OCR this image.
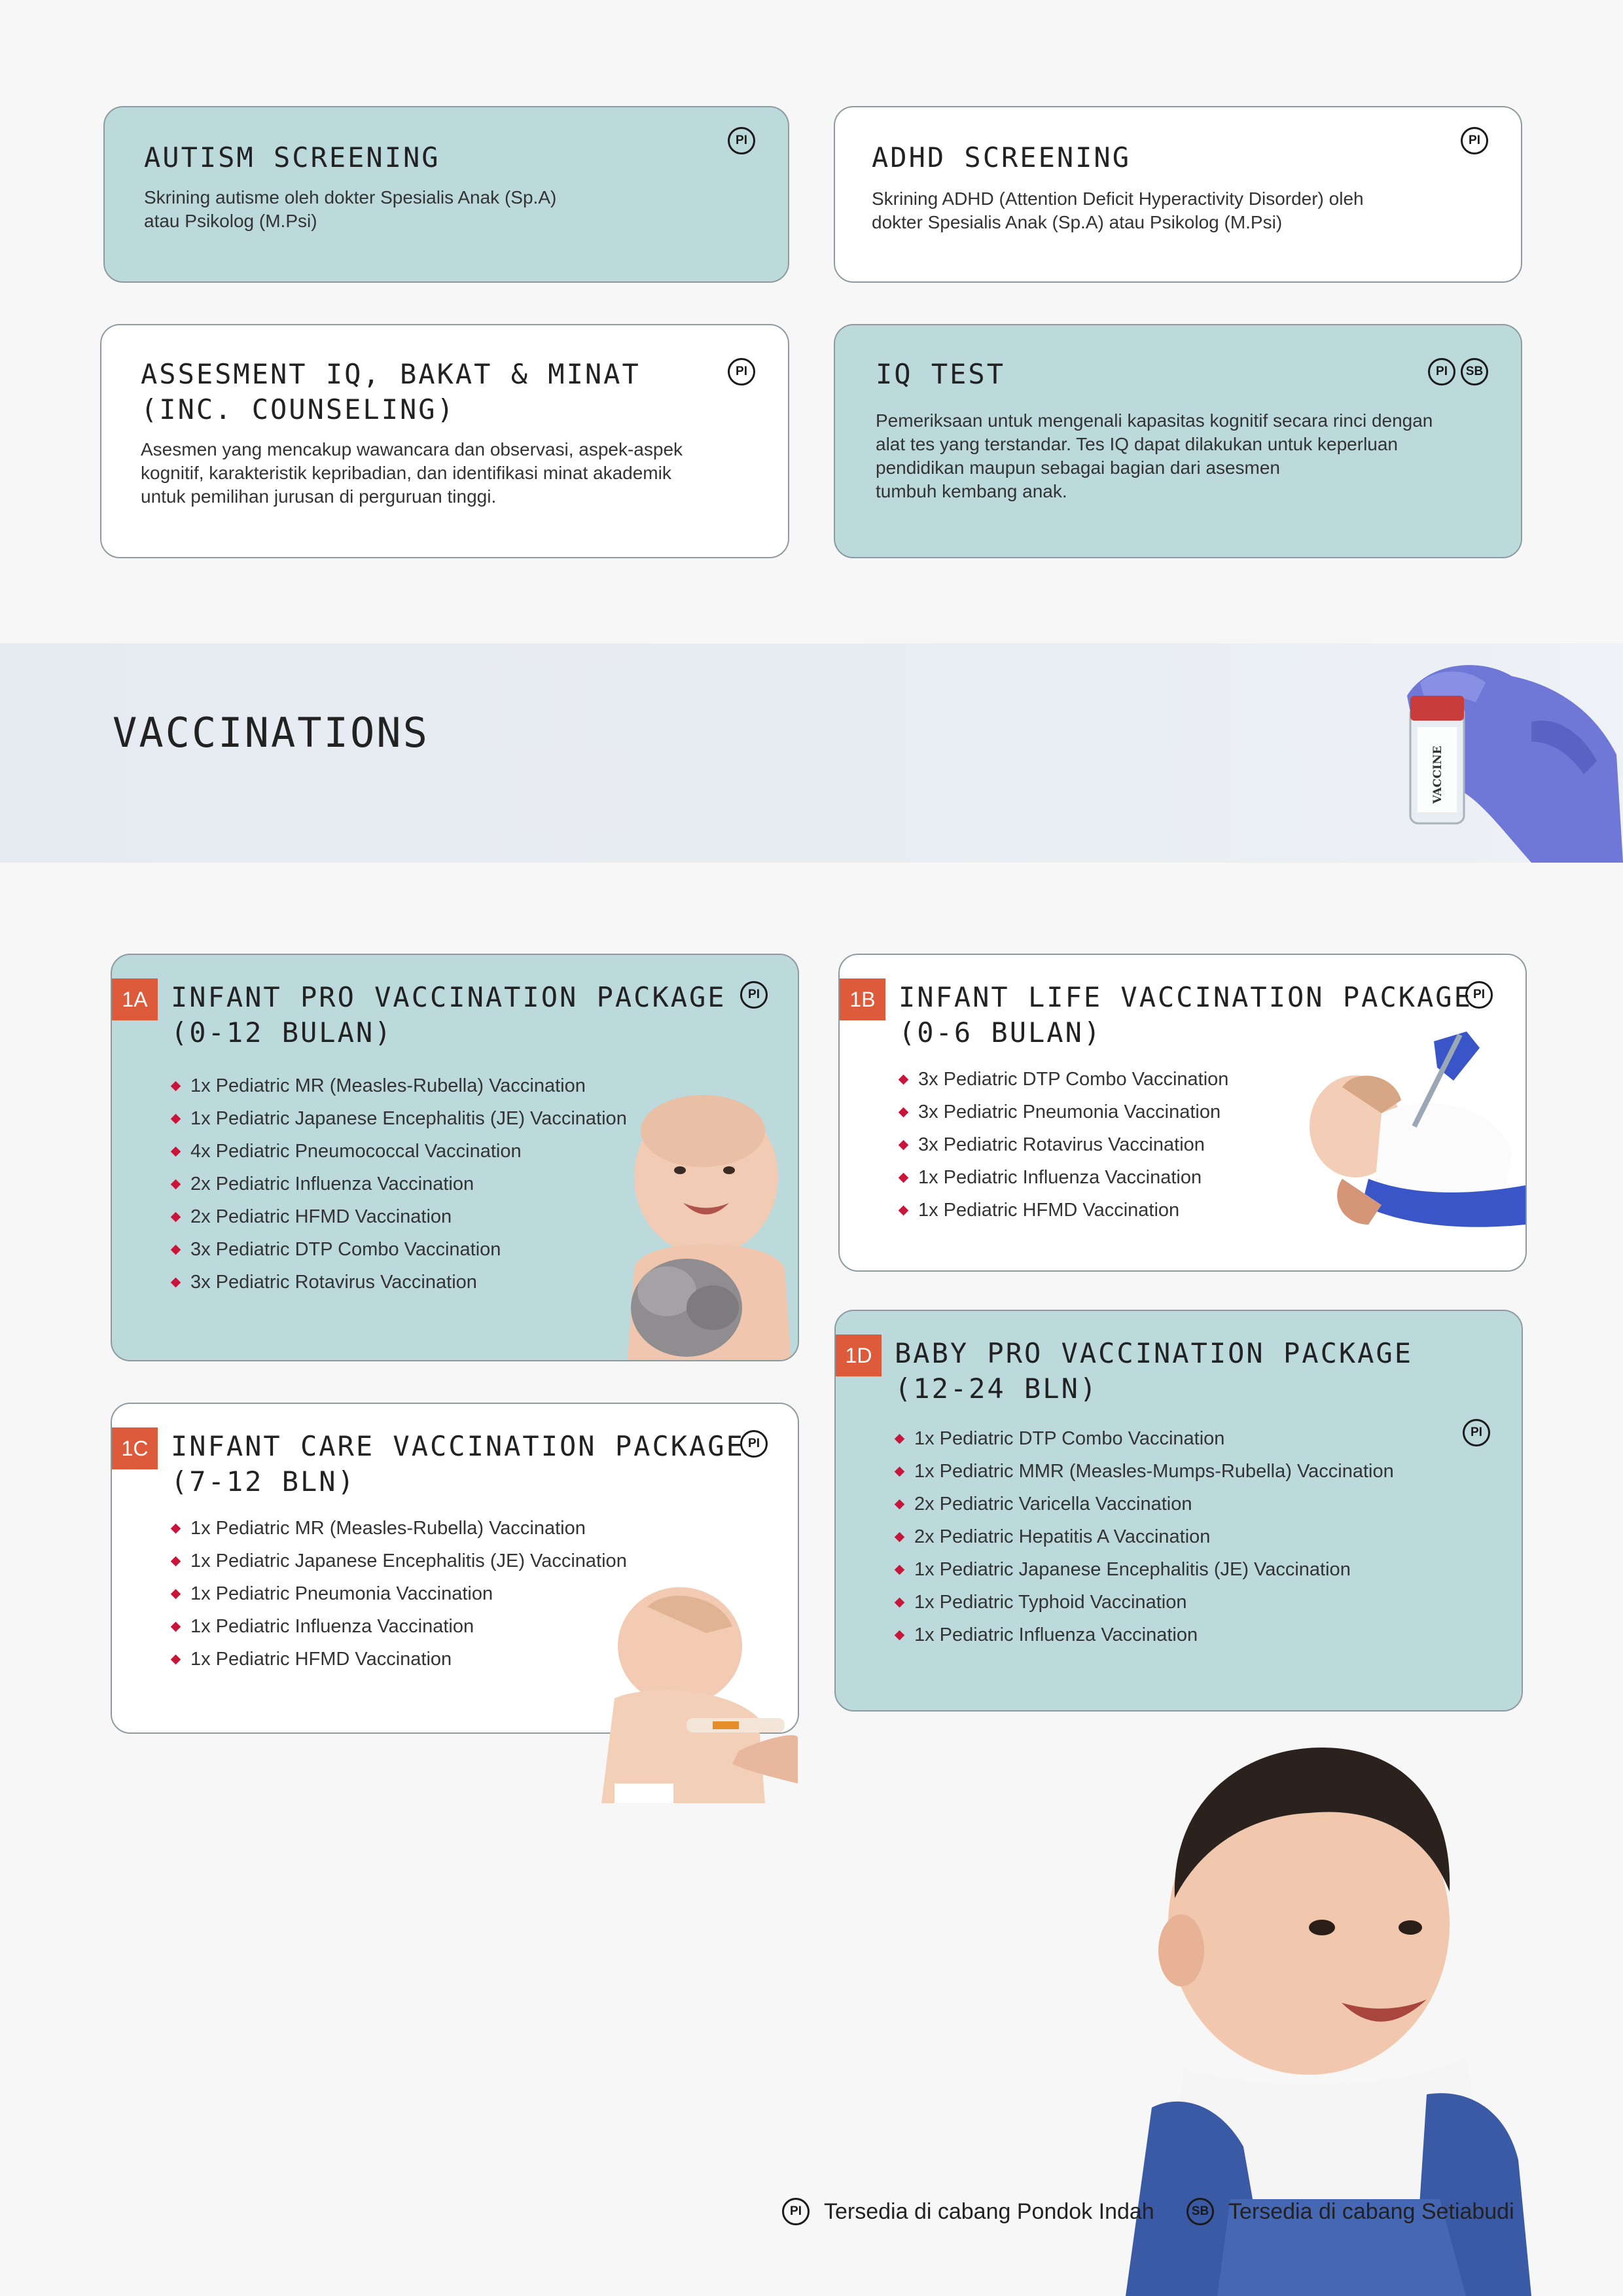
AUTISM SCREENING
PI
Skrining autisme oleh dokter Spesialis Anak (Sp.A)
atau Psikolog (M.Psi)
ADHD SCREENING
PI
Skrining ADHD (Attention Deficit Hyperactivity Disorder) oleh
dokter Spesialis Anak (Sp.A) atau Psikolog (M.Psi)
ASSESMENT IQ, BAKAT & MINAT
(INC. COUNSELING)
PI
Asesmen yang mencakup wawancara dan observasi, aspek-aspek
kognitif, karakteristik kepribadian, dan identifikasi minat akademik
untuk pemilihan jurusan di perguruan tinggi.
IQ TEST	PI	SB
Pemeriksaan untuk mengenali kapasitas kognitif secara rinci dengan
alat tes yang terstandar. Tes IQ dapat dilakukan untuk keperluan
pendidikan maupun sebagai bagian dari asesmen
tumbuh kembang anak.
VACCINATIONS
VACCINE
INFANT PRO VACCINATION PACKAGE
(0-12 BULAN)
PI
1x Pediatric MR (Measles-Rubella) Vaccination
1x Pediatric Japanese Encephalitis (JE) Vaccination
4x Pediatric Pneumococcal Vaccination
2x Pediatric Influenza Vaccination
2x Pediatric HFMD Vaccination
3x Pediatric DTP Combo Vaccination
3x Pediatric Rotavirus Vaccination
1A	INFANT LIFE VACCINATION PACKAGE
(0-6 BULAN)
PI
3x Pediatric DTP Combo Vaccination
3x Pediatric Pneumonia Vaccination
3x Pediatric Rotavirus Vaccination
1x Pediatric Influenza Vaccination
1x Pediatric HFMD Vaccination
1B
INFANT CARE VACCINATION PACKAGE
(7-12 BLN)
PI
1x Pediatric MR (Measles-Rubella) Vaccination
1x Pediatric Japanese Encephalitis (JE) Vaccination
1x Pediatric Pneumonia Vaccination
1x Pediatric Influenza Vaccination
1x Pediatric HFMD Vaccination
1C
BABY PRO VACCINATION PACKAGE
(12-24 BLN)
PI
1x Pediatric DTP Combo Vaccination
1x Pediatric MMR (Measles-Mumps-Rubella) Vaccination
2x Pediatric Varicella Vaccination
2x Pediatric Hepatitis A Vaccination
1x Pediatric Japanese Encephalitis (JE) Vaccination
1x Pediatric Typhoid Vaccination
1x Pediatric Influenza Vaccination
1D
PI	Tersedia di cabang Pondok Indah	SB Tersedia di cabang Setiabudi
